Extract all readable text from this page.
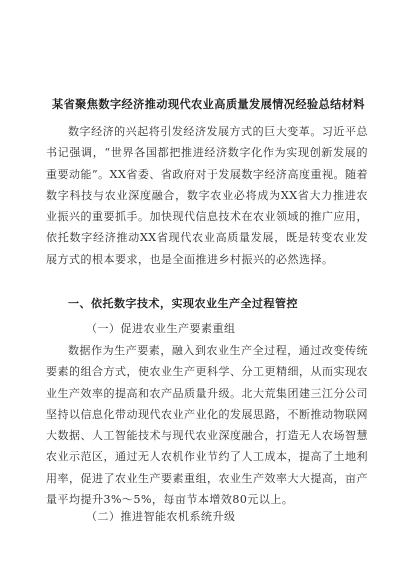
某省聚焦数字经济推动现代农业高质量发展情况经验总结材料
数字经济的兴起将引发经济发展方式的巨大变革。习近平总书记强调，“世界各国都把推进经济数字化作为实现创新发展的重要动能”。XX省委、省政府对于发展数字经济高度重视。随着数字科技与农业深度融合，数字农业必将成为XX省大力推进农业振兴的重要抓手。加快现代信息技术在农业领域的推广应用，依托数字经济推动XX省现代农业高质量发展，既是转变农业发展方式的根本要求，也是全面推进乡村振兴的必然选择。
一、依托数字技术，实现农业生产全过程管控
（一）促进农业生产要素重组
数据作为生产要素，融入到农业生产全过程，通过改变传统要素的组合方式，使农业生产更科学、分工更精细，从而实现农业生产效率的提高和农产品质量升级。北大荒集团建三江分公司坚持以信息化带动现代农业产业化的发展思路，不断推动物联网大数据、人工智能技术与现代农业深度融合，打造无人农场智慧农业示范区，通过无人农机作业节约了人工成本，提高了土地利用率，促进了农业生产要素重组，农业生产效率大大提高，亩产量平均提升3%～5%，每亩节本增效80元以上。
（二）推进智能农机系统升级
